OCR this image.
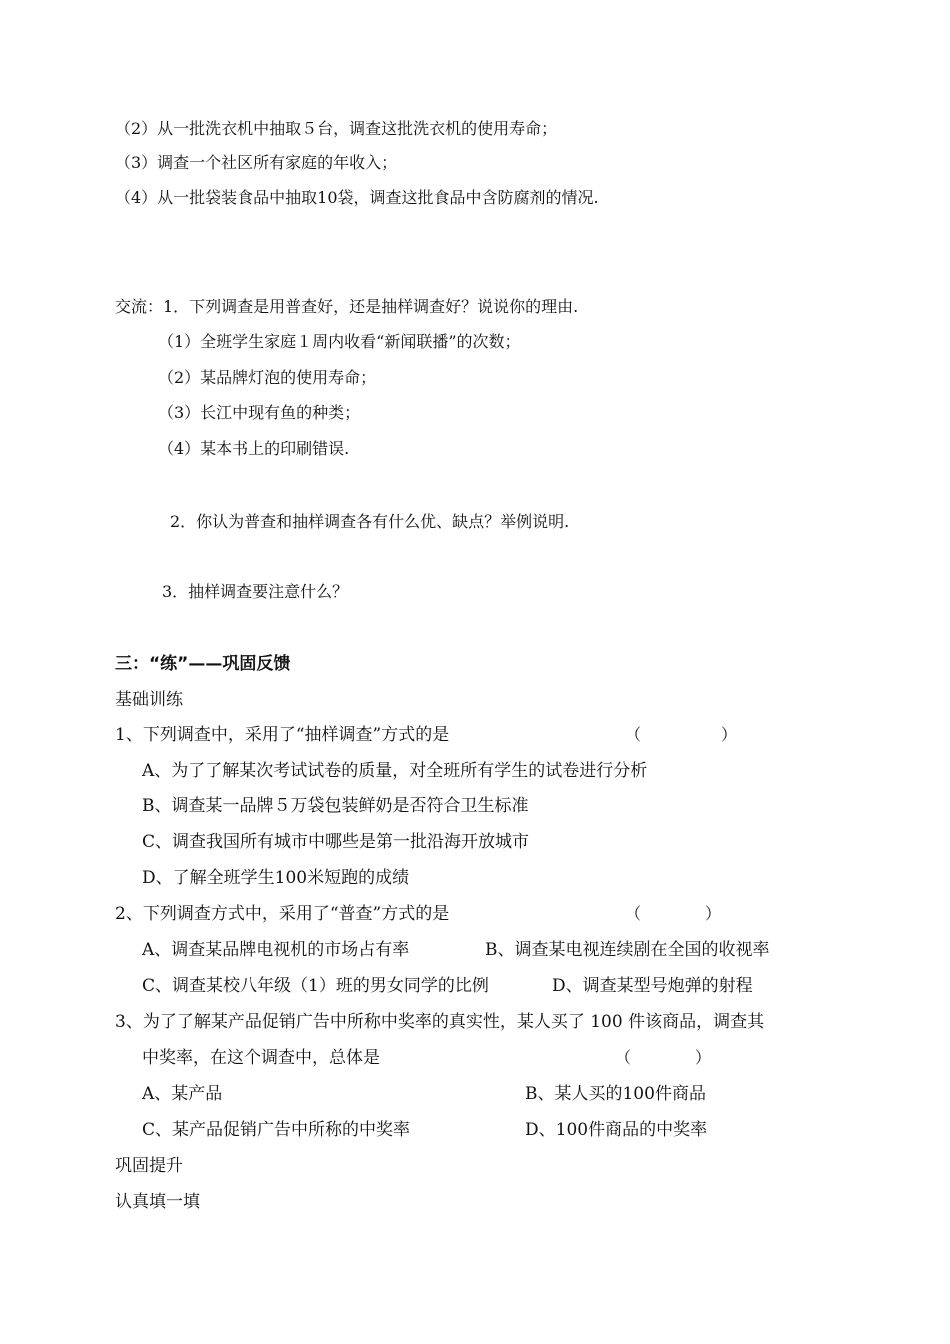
（2）从一批洗衣机中抽取５台，调查这批洗衣机的使用寿命；
（3）调查一个社区所有家庭的年收入；
（4）从一批袋装食品中抽取10袋，调查这批食品中含防腐剂的情况.
交流：1．下列调查是用普查好，还是抽样调查好？说说你的理由.
（1）全班学生家庭１周内收看“新闻联播”的次数；
（2）某品牌灯泡的使用寿命；
（3）长江中现有鱼的种类；
（4）某本书上的印刷错误.
2．你认为普查和抽样调查各有什么优、缺点？举例说明.
3．抽样调查要注意什么？
三：“练”——巩固反馈
基础训练
1、下列调查中，采用了“抽样调查”方式的是	（　　　　　）
A、为了了解某次考试试卷的质量，对全班所有学生的试卷进行分析
B、调查某一品牌５万袋包装鲜奶是否符合卫生标准
C、调查我国所有城市中哪些是第一批沿海开放城市
D、了解全班学生100米短跑的成绩
2、下列调查方式中，采用了“普查”方式的是	（　　　　）
A、调查某品牌电视机的市场占有率	B、调查某电视连续剧在全国的收视率
C、调查某校八年级（1）班的男女同学的比例	D、调查某型号炮弹的射程
3、为了了解某产品促销广告中所称中奖率的真实性，某人买了 100 件该商品，调查其
中奖率，在这个调查中，总体是	（　　　　）
A、某产品	B、某人买的100件商品
C、某产品促销广告中所称的中奖率	D、100件商品的中奖率
巩固提升
认真填一填
